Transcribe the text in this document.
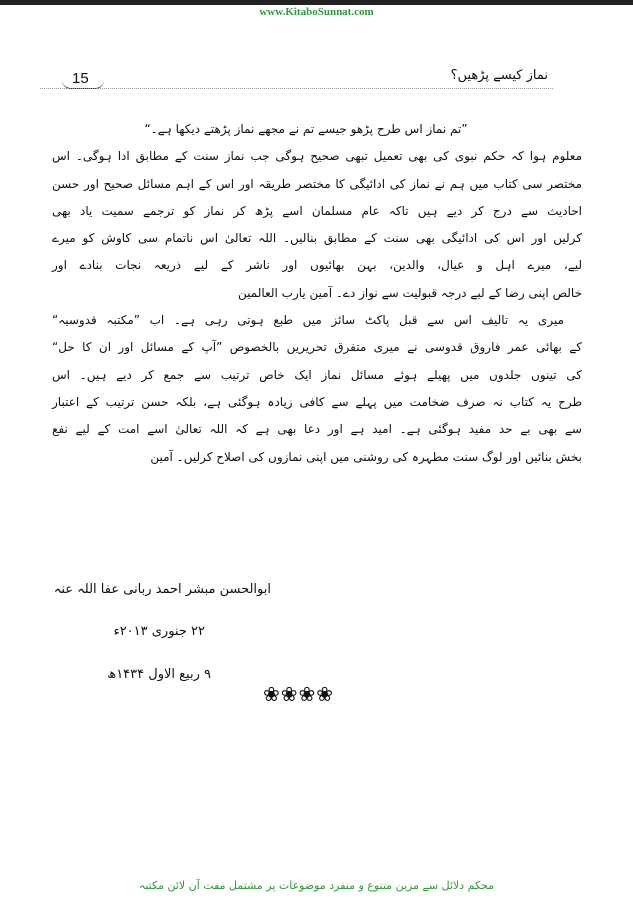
www.KitaboSunnat.com
15	نماز کیسے پڑھیں؟
”تم نماز اس طرح پڑھو جیسے تم نے مجھے نماز پڑھتے دیکھا ہے۔“
معلوم ہوا کہ حکم نبوی کی بھی تعمیل تبھی صحیح ہوگی جب نماز سنت کے مطابق ادا ہوگی۔ اس
مختصر سی کتاب میں ہم نے نماز کی ادائیگی کا مختصر طریقہ اور اس کے اہم مسائل صحیح اور حسن
احادیث سے درج کر دیے ہیں تاکہ عام مسلمان اسے پڑھ کر نماز کو ترجمے سمیت یاد بھی
کرلیں اور اس کی ادائیگی بھی سنت کے مطابق بنالیں۔ اللہ تعالیٰ اس ناتمام سی کاوش کو میرے
لیے، میرے اہل و عیال، والدین، بہن بھائیوں اور ناشر کے لیے ذریعہ نجات بنادے اور
خالص اپنی رضا کے لیے درجہ قبولیت سے نواز دے۔ آمین یارب العالمین
میری یہ تالیف اس سے قبل پاکٹ سائز میں طبع ہوتی رہی ہے۔ اب ”مکتبہ قدوسیہ“
کے بھائی عمر فاروق قدوسی نے میری متفرق تحریریں بالخصوص ”آپ کے مسائل اور ان کا حل“
کی تینوں جلدوں میں پھیلے ہوئے مسائل نماز ایک خاص ترتیب سے جمع کر دیے ہیں۔ اس
طرح یہ کتاب نہ صرف ضخامت میں پہلے سے کافی زیادہ ہوگئی ہے، بلکہ حسن ترتیب کے اعتبار
سے بھی بے حد مفید ہوگئی ہے۔ امید ہے اور دعا بھی ہے کہ اللہ تعالیٰ اسے امت کے لیے نفع
بخش بنائیں اور لوگ سنت مطہرہ کی روشنی میں اپنی نمازوں کی اصلاح کرلیں۔ آمین
ابوالحسن مبشر احمد ربانی عفا اللہ عنہ
۲۲ جنوری ۲۰۱۳ء
۹ ربیع الاول ۱۴۳۴ھ
❀❀❀❀
محکم دلائل سے مزین متنوع و منفرد موضوعات پر مشتمل مفت آن لائن مکتبہ
